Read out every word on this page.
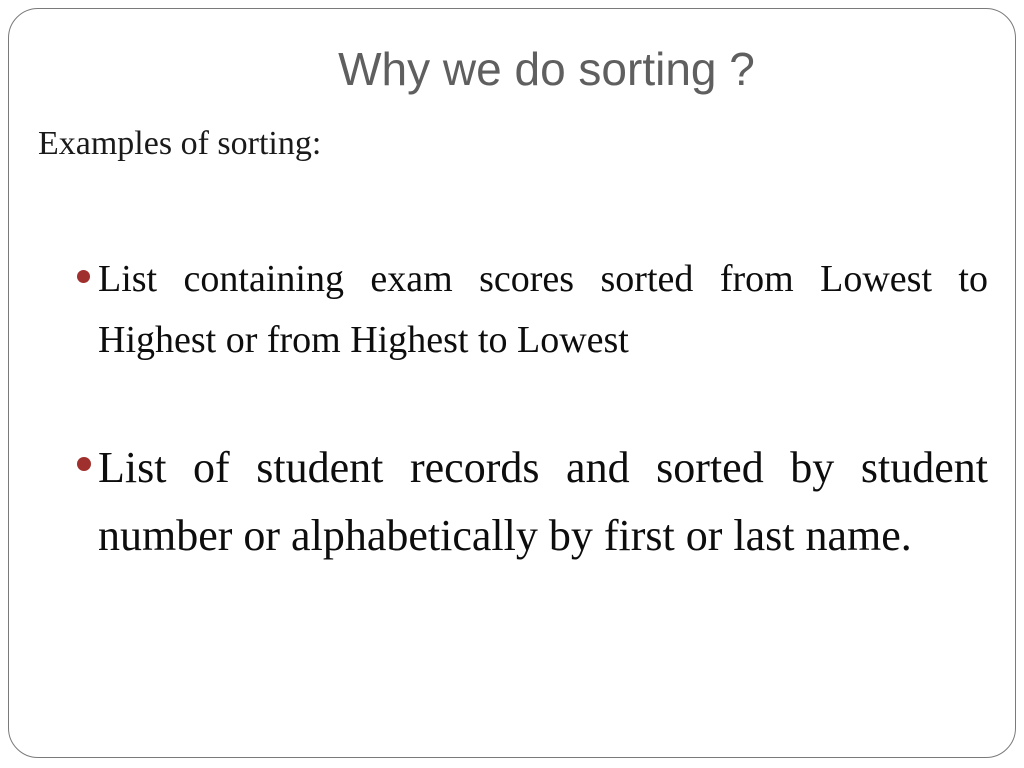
Why we do sorting ?
Examples of sorting:
List containing exam scores sorted from Lowest to Highest or from Highest to Lowest
List of student records and sorted by student number or alphabetically by first or last name.
